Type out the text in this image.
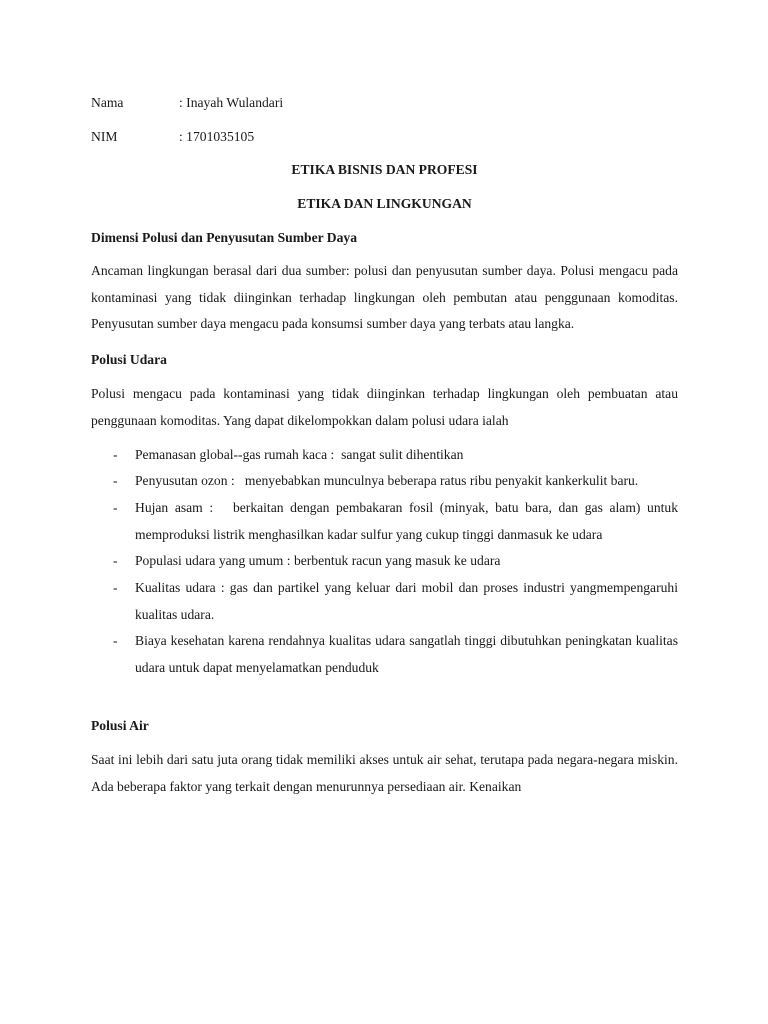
Nama	: Inayah Wulandari
NIM	: 1701035105
ETIKA BISNIS DAN PROFESI
ETIKA DAN LINGKUNGAN
Dimensi Polusi dan Penyusutan Sumber Daya

Ancaman lingkungan berasal dari dua sumber: polusi dan penyusutan sumber daya. Polusi mengacu pada kontaminasi yang tidak diinginkan terhadap lingkungan oleh pembutan atau penggunaan komoditas. Penyusutan sumber daya mengacu pada konsumsi sumber daya yang terbats atau langka.

Polusi Udara

Polusi mengacu pada kontaminasi yang tidak diinginkan terhadap lingkungan oleh pembuatan atau penggunaan komoditas. Yang dapat dikelompokkan dalam polusi udara ialah

- Pemanasan global--gas rumah kaca :  sangat sulit dihentikan
- Penyusutan ozon :   menyebabkan munculnya beberapa ratus ribu penyakit kankerkulit baru.
- Hujan asam :   berkaitan dengan pembakaran fosil (minyak, batu bara, dan gas alam) untuk memproduksi listrik menghasilkan kadar sulfur yang cukup tinggi danmasuk ke udara
- Populasi udara yang umum : berbentuk racun yang masuk ke udara
- Kualitas udara : gas dan partikel yang keluar dari mobil dan proses industri yangmempengaruhi kualitas udara.
- Biaya kesehatan karena rendahnya kualitas udara sangatlah tinggi dibutuhkan peningkatan kualitas udara untuk dapat menyelamatkan penduduk
Polusi Air

Saat ini lebih dari satu juta orang tidak memiliki akses untuk air sehat, terutapa pada negara-negara miskin. Ada beberapa faktor yang terkait dengan menurunnya persediaan air. Kenaikan
